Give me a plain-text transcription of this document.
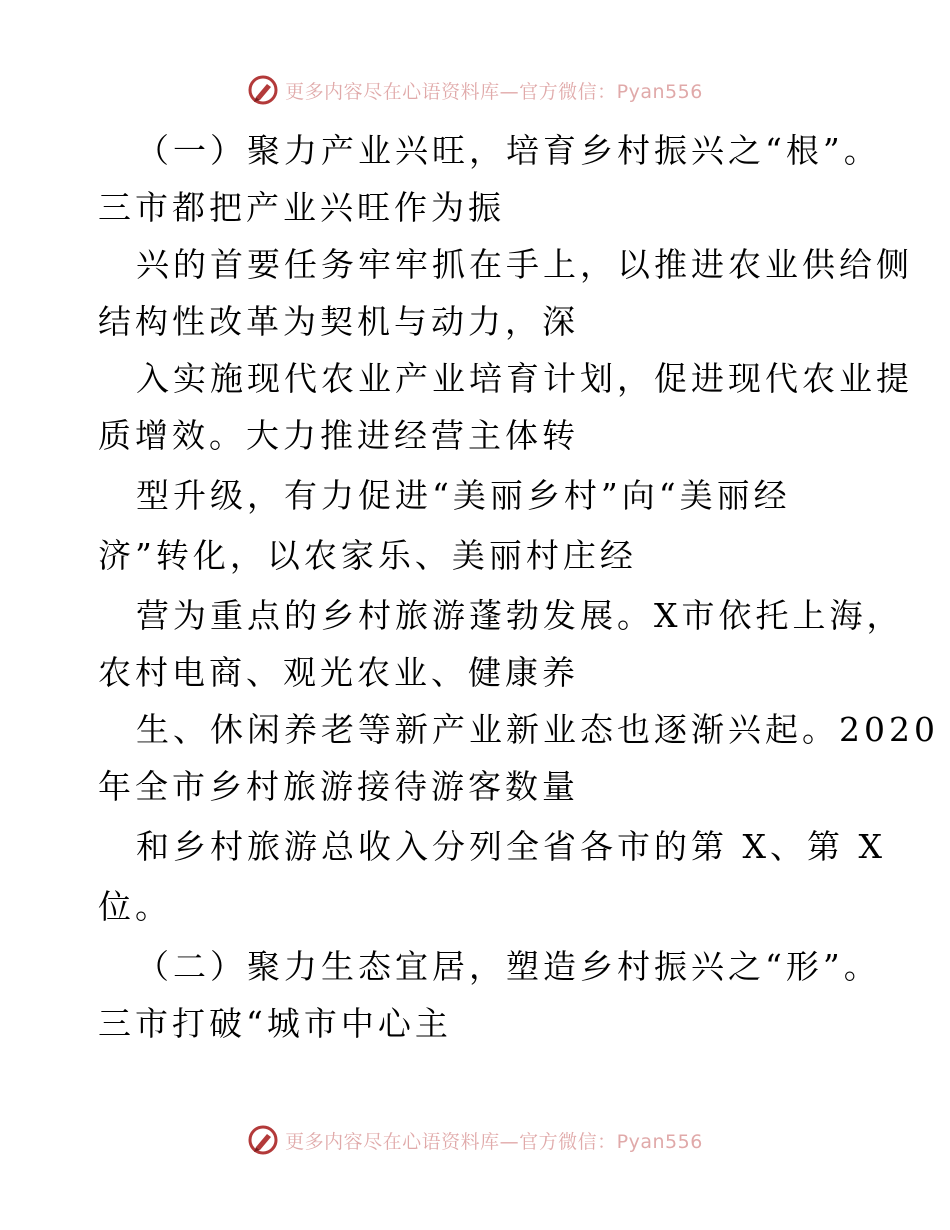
更多内容尽在心语资料库—官方微信：Pyan556
（一）聚力产业兴旺，培育乡村振兴之“根”。
三市都把产业兴旺作为振
兴的首要任务牢牢抓在手上，以推进农业供给侧
结构性改革为契机与动力，深
入实施现代农业产业培育计划，促进现代农业提
质增效。大力推进经营主体转
型升级，有力促进“美丽乡村”向“美丽经
济”转化，以农家乐、美丽村庄经
营为重点的乡村旅游蓬勃发展。X市依托上海，
农村电商、观光农业、健康养
生、休闲养老等新产业新业态也逐渐兴起。2020
年全市乡村旅游接待游客数量
和乡村旅游总收入分列全省各市的第 X、第 X
位。
（二）聚力生态宜居，塑造乡村振兴之“形”。
三市打破“城市中心主
更多内容尽在心语资料库—官方微信：Pyan556
